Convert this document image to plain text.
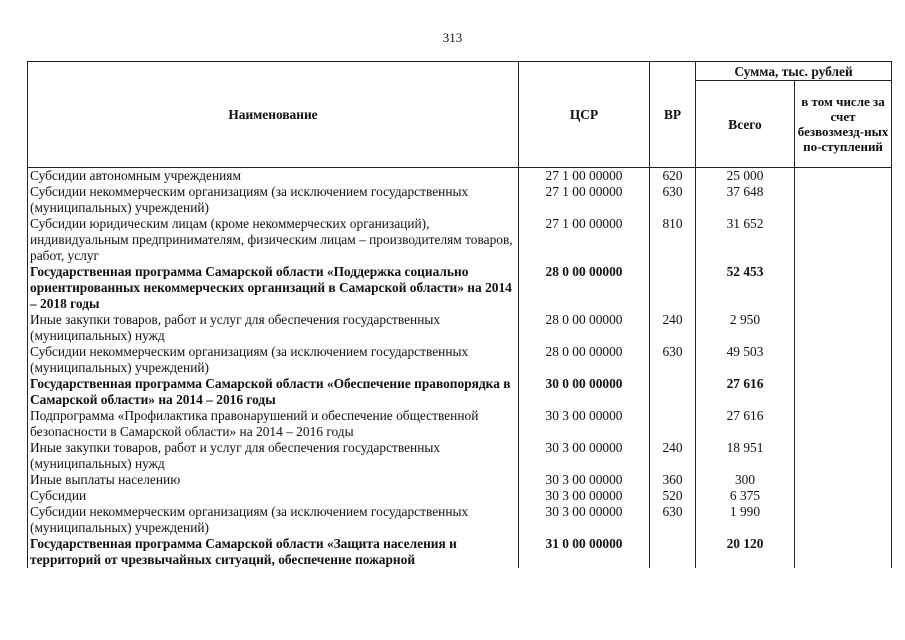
313
Наименование	ЦСР	ВР	Сумма, тыс. рублей	
			Всего	в том числе за счет безвозмезд-ных по-ступлений
Субсидии автономным учреждениям	27 1 00 00000	620	25 000	
Субсидии некоммерческим организациям (за исключением государственных (муниципальных) учреждений)	27 1 00 00000	630	37 648	
Субсидии юридическим лицам (кроме некоммерческих организаций), индивидуальным предпринимателям, физическим лицам – производителям товаров, работ, услуг	27 1 00 00000	810	31 652	
Государственная программа Самарской области «Поддержка социально ориентированных некоммерческих организаций в Самарской области» на 2014 – 2018 годы	28 0 00 00000		52 453	
Иные закупки товаров, работ и услуг для обеспечения государственных (муниципальных) нужд	28 0 00 00000	240	2 950	
Субсидии некоммерческим организациям (за исключением государственных (муниципальных) учреждений)	28 0 00 00000	630	49 503	
Государственная программа Самарской области «Обеспечение правопорядка в Самарской области» на 2014 – 2016 годы	30 0 00 00000		27 616	
Подпрограмма «Профилактика правонарушений и обеспечение общественной безопасности в Самарской области» на 2014 – 2016 годы	30 3 00 00000		27 616	
Иные закупки товаров, работ и услуг для обеспечения государственных (муниципальных) нужд	30 3 00 00000	240	18 951	
Иные выплаты населению	30 3 00 00000	360	300	
Субсидии	30 3 00 00000	520	6 375	
Субсидии некоммерческим организациям (за исключением государственных (муниципальных) учреждений)	30 3 00 00000	630	1 990	
Государственная программа Самарской области «Защита населения и территорий от чрезвычайных ситуаций, обеспечение пожарной	31 0 00 00000		20 120	
